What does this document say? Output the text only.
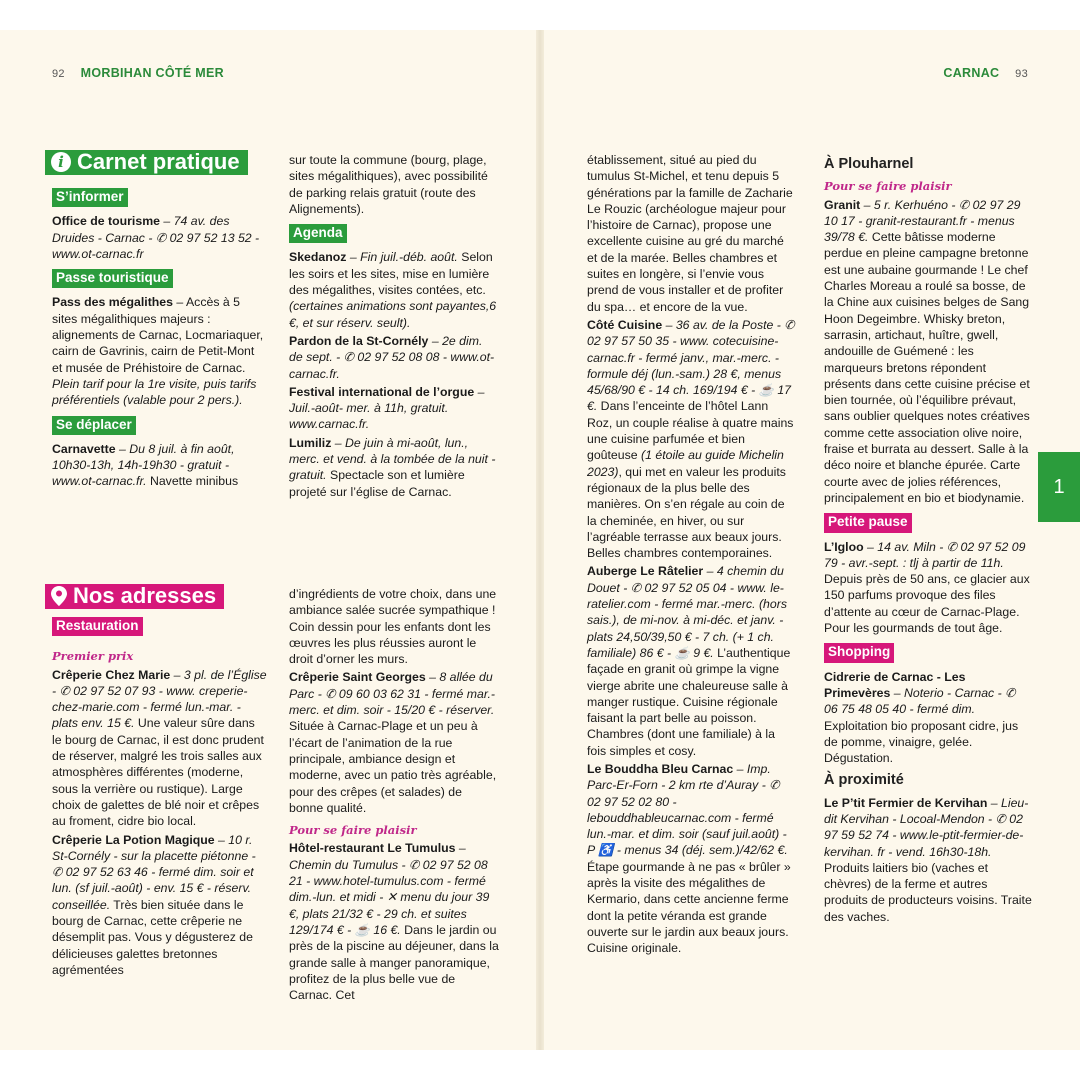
92 MORBIHAN CÔTÉ MER	CARNAC 93
i Carnet pratique
S’informer

Office de tourisme – 74 av. des Druides - Carnac - ✆ 02 97 52 13 52 - www.ot-carnac.fr

Passe touristique

Pass des mégalithes – Accès à 5 sites mégalithiques majeurs : alignements de Carnac, Locmariaquer, cairn de Gavrinis, cairn de Petit-Mont et musée de Préhistoire de Carnac. Plein tarif pour la 1re visite, puis tarifs préférentiels (valable pour 2 pers.).

Se déplacer

Carnavette – Du 8 juil. à fin août, 10h30-13h, 14h-19h30 - gratuit - www.ot-carnac.fr. Navette minibus

sur toute la commune (bourg, plage, sites mégalithiques), avec possibilité de parking relais gratuit (route des Alignements).

Agenda

Skedanoz – Fin juil.-déb. août. Selon les soirs et les sites, mise en lumière des mégalithes, visites contées, etc. (certaines animations sont payantes,6 €, et sur réserv. seult).

Pardon de la St-Cornély – 2e dim. de sept. - ✆ 02 97 52 08 08 - www.ot-carnac.fr.

Festival international de l’orgue – Juil.-août- mer. à 11h, gratuit. www.carnac.fr.

Lumiliz – De juin à mi-août, lun., merc. et vend. à la tombée de la nuit - gratuit. Spectacle son et lumière projeté sur l’église de Carnac.

Nos adresses
Restauration
Premier prix

Crêperie Chez Marie – 3 pl. de l’Église - ✆ 02 97 52 07 93 - www. creperie-chez-marie.com - fermé lun.-mar. - plats env. 15 €. Une valeur sûre dans le bourg de Carnac, il est donc prudent de réserver, malgré les trois salles aux atmosphères différentes (moderne, sous la verrière ou rustique). Large choix de galettes de blé noir et crêpes au froment, cidre bio local.

Crêperie La Potion Magique – 10 r. St-Cornély - sur la placette piétonne - ✆ 02 97 52 63 46 - fermé dim. soir et lun. (sf juil.-août) - env. 15 € - réserv. conseillée. Très bien située dans le bourg de Carnac, cette crêperie ne désemplit pas. Vous y dégusterez de délicieuses galettes bretonnes agrémentées

d’ingrédients de votre choix, dans une ambiance salée sucrée sympathique ! Coin dessin pour les enfants dont les œuvres les plus réussies auront le droit d’orner les murs.

Crêperie Saint Georges – 8 allée du Parc - ✆ 09 60 03 62 31 - fermé mar.-merc. et dim. soir - 15/20 € - réserver. Située à Carnac-Plage et un peu à l’écart de l’animation de la rue principale, ambiance design et moderne, avec un patio très agréable, pour des crêpes (et salades) de bonne qualité.

Pour se faire plaisir

Hôtel-restaurant Le Tumulus – Chemin du Tumulus - ✆ 02 97 52 08 21 - www.hotel-tumulus.com - fermé dim.-lun. et midi - ✕ menu du jour 39 €, plats 21/32 € - 29 ch. et suites 129/174 € - ☕ 16 €. Dans le jardin ou près de la piscine au déjeuner, dans la grande salle à manger panoramique, profitez de la plus belle vue de Carnac. Cet

établissement, situé au pied du tumulus St-Michel, et tenu depuis 5 générations par la famille de Zacharie Le Rouzic (archéologue majeur pour l’histoire de Carnac), propose une excellente cuisine au gré du marché et de la marée. Belles chambres et suites en longère, si l’envie vous prend de vous installer et de profiter du spa… et encore de la vue.

Côté Cuisine – 36 av. de la Poste - ✆ 02 97 57 50 35 - www. cotecuisine-carnac.fr - fermé janv., mar.-merc. - formule déj (lun.-sam.) 28 €, menus 45/68/90 € - 14 ch. 169/194 € - ☕ 17 €. Dans l’enceinte de l’hôtel Lann Roz, un couple réalise à quatre mains une cuisine parfumée et bien goûteuse (1 étoile au guide Michelin 2023), qui met en valeur les produits régionaux de la plus belle des manières. On s’en régale au coin de la cheminée, en hiver, ou sur l’agréable terrasse aux beaux jours. Belles chambres contemporaines.

Auberge Le Râtelier – 4 chemin du Douet - ✆ 02 97 52 05 04 - www. le-ratelier.com - fermé mar.-merc. (hors sais.), de mi-nov. à mi-déc. et janv. - plats 24,50/39,50 € - 7 ch. (+ 1 ch. familiale) 86 € - ☕ 9 €. L’authentique façade en granit où grimpe la vigne vierge abrite une chaleureuse salle à manger rustique. Cuisine régionale faisant la part belle au poisson. Chambres (dont une familiale) à la fois simples et cosy.

Le Bouddha Bleu Carnac – Imp. Parc-Er-Forn - 2 km rte d’Auray - ✆ 02 97 52 02 80 - lebouddhableucarnac.com - fermé lun.-mar. et dim. soir (sauf juil.août) - P ♿ - menus 34 (déj. sem.)/42/62 €. Étape gourmande à ne pas « brûler » après la visite des mégalithes de Kermario, dans cette ancienne ferme dont la petite véranda est grande ouverte sur le jardin aux beaux jours. Cuisine originale.

À Plouharnel
Pour se faire plaisir

Granit – 5 r. Kerhuéno - ✆ 02 97 29 10 17 - granit-restaurant.fr - menus 39/78 €. Cette bâtisse moderne perdue en pleine campagne bretonne est une aubaine gourmande ! Le chef Charles Moreau a roulé sa bosse, de la Chine aux cuisines belges de Sang Hoon Degeimbre. Whisky breton, sarrasin, artichaut, huître, gwell, andouille de Guémené : les marqueurs bretons répondent présents dans cette cuisine précise et bien tournée, où l’équilibre prévaut, sans oublier quelques notes créatives comme cette association olive noire, fraise et burrata au dessert. Salle à la déco noire et blanche épurée. Carte courte avec de jolies références, principalement en bio et biodynamie.

Petite pause

L’Igloo – 14 av. Miln - ✆ 02 97 52 09 79 - avr.-sept. : tlj à partir de 11h. Depuis près de 50 ans, ce glacier aux 150 parfums provoque des files d’attente au cœur de Carnac-Plage. Pour les gourmands de tout âge.

Shopping

Cidrerie de Carnac - Les Primevères – Noterio - Carnac - ✆ 06 75 48 05 40 - fermé dim. Exploitation bio proposant cidre, jus de pomme, vinaigre, gelée. Dégustation.

À proximité

Le P’tit Fermier de Kervihan – Lieu-dit Kervihan - Locoal-Mendon - ✆ 02 97 59 52 74 - www.le-ptit-fermier-de-kervihan. fr - vend. 16h30-18h. Produits laitiers bio (vaches et chèvres) de la ferme et autres produits de producteurs voisins. Traite des vaches.

1
